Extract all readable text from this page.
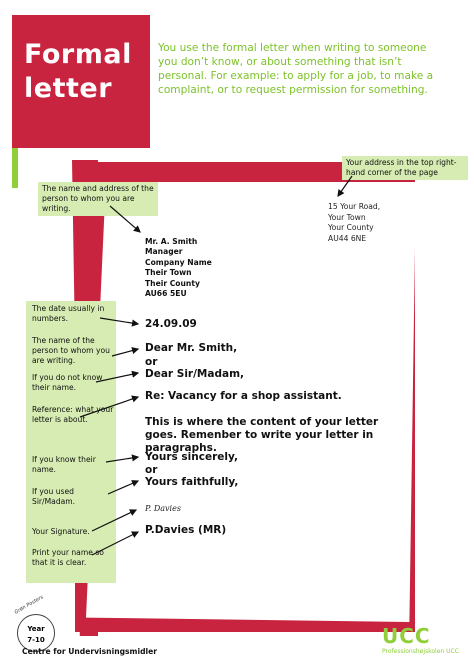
Formal
letter
You use the formal letter when writing to someone you don’t know, or about something that isn’t personal. For example: to apply for a job, to make a complaint, or to request permission for something.
Your address in the top right-hand corner of the page
The name and address of the person to whom you are writing.
The date usually in numbers.
The name of the person to whom you are writing.
If you do not know their name.
Reference: what your letter is about.
If you know their name.
If you used Sir/Madam.
Your Signature.
Print your name so that it is clear.
15 Your Road,
Your Town
Your County
AU44 6NE
Mr. A. Smith
Manager
Company Name
Their Town
Their County
AU66 5EU
24.09.09
Dear Mr. Smith,
or
Dear Sir/Madam,
Re: Vacancy for a shop assistant.
This is where the content of your letter goes. Remenber to write your letter in paragraphs.
Yours sincerely,
or
Yours faithfully,
P. Davies
P.Davies (MR)
Grøn Posters
Year
7-10
Centre for Undervisningsmidler
UCC
Professionshøjskolen UCC
